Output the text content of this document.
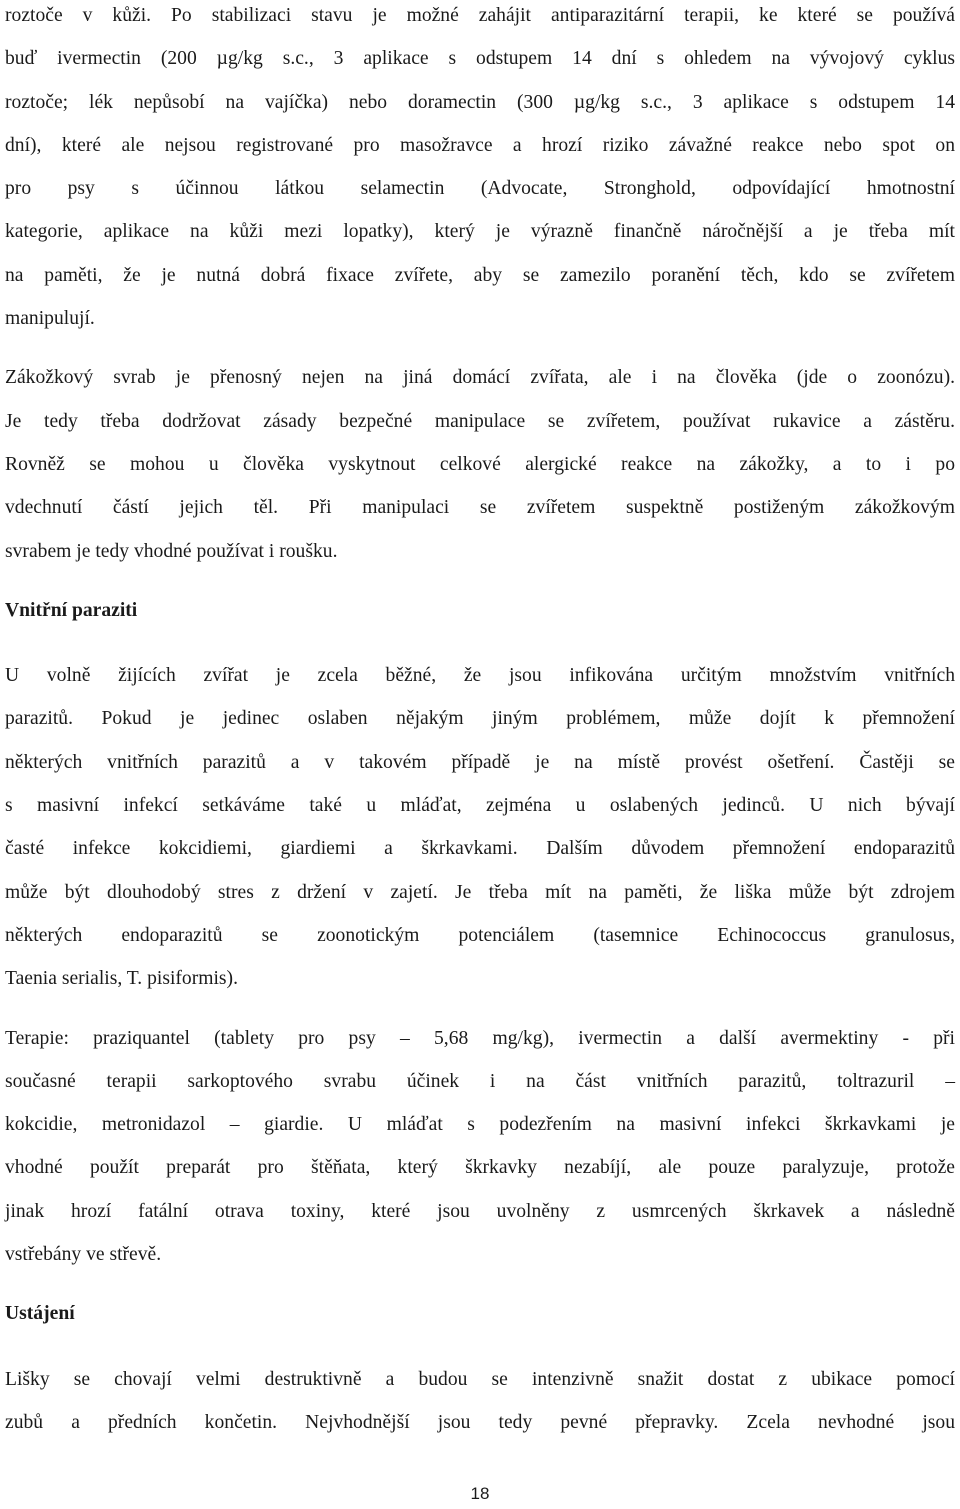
roztoče v kůži. Po stabilizaci stavu je možné zahájit antiparazitární terapii, ke které se používá
buď ivermectin (200 µg/kg s.c., 3 aplikace s odstupem 14 dní s ohledem na vývojový cyklus
roztoče; lék nepůsobí na vajíčka) nebo doramectin (300 µg/kg s.c., 3 aplikace s odstupem 14
dní), které ale nejsou registrované pro masožravce a hrozí riziko závažné reakce nebo spot on
pro psy s účinnou látkou selamectin (Advocate, Stronghold, odpovídající hmotnostní
kategorie, aplikace na kůži mezi lopatky), který je výrazně finančně náročnější a je třeba mít
na paměti, že je nutná dobrá fixace zvířete, aby se zamezilo poranění těch, kdo se zvířetem
manipulují.
Zákožkový svrab je přenosný nejen na jiná domácí zvířata, ale i na člověka (jde o zoonózu).
Je tedy třeba dodržovat zásady bezpečné manipulace se zvířetem, používat rukavice a zástěru.
Rovněž se mohou u člověka vyskytnout celkové alergické reakce na zákožky, a to i po
vdechnutí částí jejich těl. Při manipulaci se zvířetem suspektně postiženým zákožkovým
svrabem je tedy vhodné používat i roušku.
Vnitřní paraziti
U volně žijících zvířat je zcela běžné, že jsou infikována určitým množstvím vnitřních
parazitů. Pokud je jedinec oslaben nějakým jiným problémem, může dojít k přemnožení
některých vnitřních parazitů a v takovém případě je na místě provést ošetření. Častěji se
s masivní infekcí setkáváme také u mláďat, zejména u oslabených jedinců. U nich bývají
časté infekce kokcidiemi, giardiemi a škrkavkami. Dalším důvodem přemnožení endoparazitů
může být dlouhodobý stres z držení v zajetí. Je třeba mít na paměti, že liška může být zdrojem
některých endoparazitů se zoonotickým potenciálem (tasemnice Echinococcus granulosus,
Taenia serialis, T. pisiformis).
Terapie: praziquantel (tablety pro psy – 5,68 mg/kg), ivermectin a další avermektiny - při
současné terapii sarkoptového svrabu účinek i na část vnitřních parazitů, toltrazuril –
kokcidie, metronidazol – giardie. U mláďat s podezřením na masivní infekci škrkavkami je
vhodné použít preparát pro štěňata, který škrkavky nezabíjí, ale pouze paralyzuje, protože
jinak hrozí fatální otrava toxiny, které jsou uvolněny z usmrcených škrkavek a následně
vstřebány ve střevě.
Ustájení
Lišky se chovají velmi destruktivně a budou se intenzivně snažit dostat z ubikace pomocí
zubů a předních končetin. Nejvhodnější jsou tedy pevné přepravky. Zcela nevhodné jsou
18
